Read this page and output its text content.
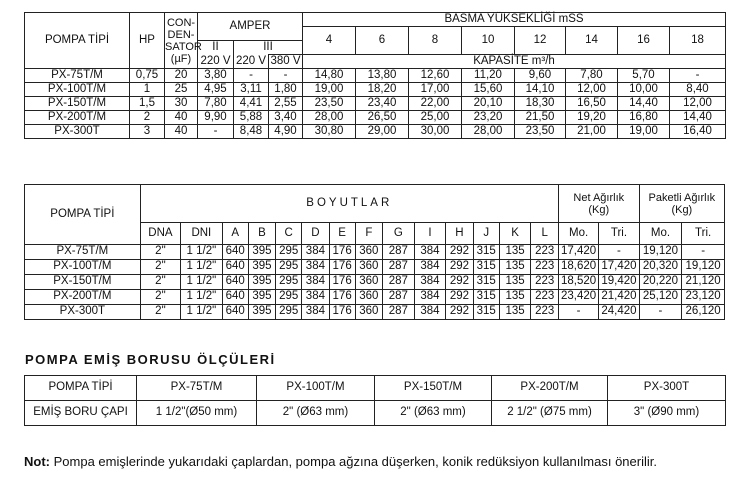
POMPA TİPİ	HP	CON-
DEN-
SATOR
(µF)	AMPER			BASMA YÜKSEKLİĞİ mSS							
						4	6	8	10	12	14	16	18
			II	III									
			220 V	220 V	380 V	KAPASİTE m³/h							
PX-75T/M	0,75	20	3,80	-	-	14,80	13,80	12,60	11,20	9,60	7,80	5,70	-
PX-100T/M	1	25	4,95	3,11	1,80	19,00	18,20	17,00	15,60	14,10	12,00	10,00	8,40
PX-150T/M	1,5	30	7,80	4,41	2,55	23,50	23,40	22,00	20,10	18,30	16,50	14,40	12,00
PX-200T/M	2	40	9,90	5,88	3,40	28,00	26,50	25,00	23,20	21,50	19,20	16,80	14,40
PX-300T	3	40	-	8,48	4,90	30,80	29,00	30,00	28,00	23,50	21,00	19,00	16,40
POMPA TİPİ	BOYUTLAR														Net Ağırlık
(Kg)		Paketli Ağırlık
(Kg)	
	DNA	DNI	A	B	C	D	E	F	G	I	H	J	K	L	Mo.	Tri.	Mo.	Tri.
PX-75T/M	2"	1 1/2"	640	395	295	384	176	360	287	384	292	315	135	223	17,420	-	19,120	-
PX-100T/M	2"	1 1/2"	640	395	295	384	176	360	287	384	292	315	135	223	18,620	17,420	20,320	19,120
PX-150T/M	2"	1 1/2"	640	395	295	384	176	360	287	384	292	315	135	223	18,520	19,420	20,220	21,120
PX-200T/M	2"	1 1/2"	640	395	295	384	176	360	287	384	292	315	135	223	23,420	21,420	25,120	23,120
PX-300T	2"	1 1/2"	640	395	295	384	176	360	287	384	292	315	135	223	-	24,420	-	26,120
POMPA EMİŞ BORUSU ÖLÇÜLERİ
POMPA TİPİ	PX-75T/M	PX-100T/M	PX-150T/M	PX-200T/M	PX-300T
EMİŞ BORU ÇAPI	1 1/2"(Ø50 mm)	2" (Ø63 mm)	2" (Ø63 mm)	2 1/2" (Ø75 mm)	3" (Ø90 mm)

Not: Pompa emişlerinde yukarıdaki çaplardan, pompa ağzına düşerken, konik redüksiyon kullanılması önerilir.
